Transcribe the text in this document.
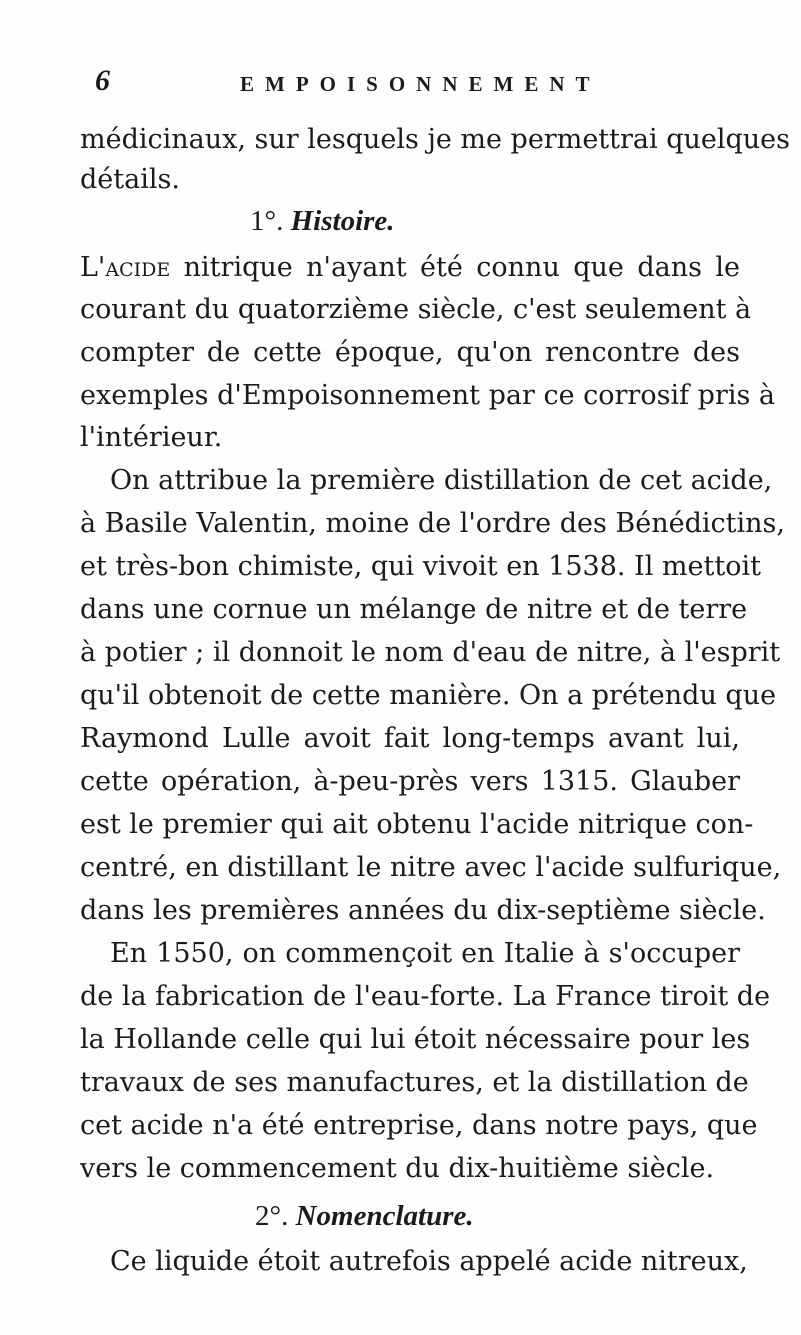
6	EMPOISONNEMENT
médicinaux, sur lesquels je me permettrai quelques
détails.
1°. Histoire.
L'acide nitrique n'ayant été connu que dans le
courant du quatorzième siècle, c'est seulement à
compter de cette époque, qu'on rencontre des
exemples d'Empoisonnement par ce corrosif pris à
l'intérieur.
On attribue la première distillation de cet acide,
à Basile Valentin, moine de l'ordre des Bénédictins,
et très-bon chimiste, qui vivoit en 1538. Il mettoit
dans une cornue un mélange de nitre et de terre
à potier ; il donnoit le nom d'eau de nitre, à l'esprit
qu'il obtenoit de cette manière. On a prétendu que
Raymond Lulle avoit fait long-temps avant lui,
cette opération, à-peu-près vers 1315. Glauber
est le premier qui ait obtenu l'acide nitrique con-
centré, en distillant le nitre avec l'acide sulfurique,
dans les premières années du dix-septième siècle.
En 1550, on commençoit en Italie à s'occuper
de la fabrication de l'eau-forte. La France tiroit de
la Hollande celle qui lui étoit nécessaire pour les
travaux de ses manufactures, et la distillation de
cet acide n'a été entreprise, dans notre pays, que
vers le commencement du dix-huitième siècle.
2°. Nomenclature.
Ce liquide étoit autrefois appelé acide nitreux,
